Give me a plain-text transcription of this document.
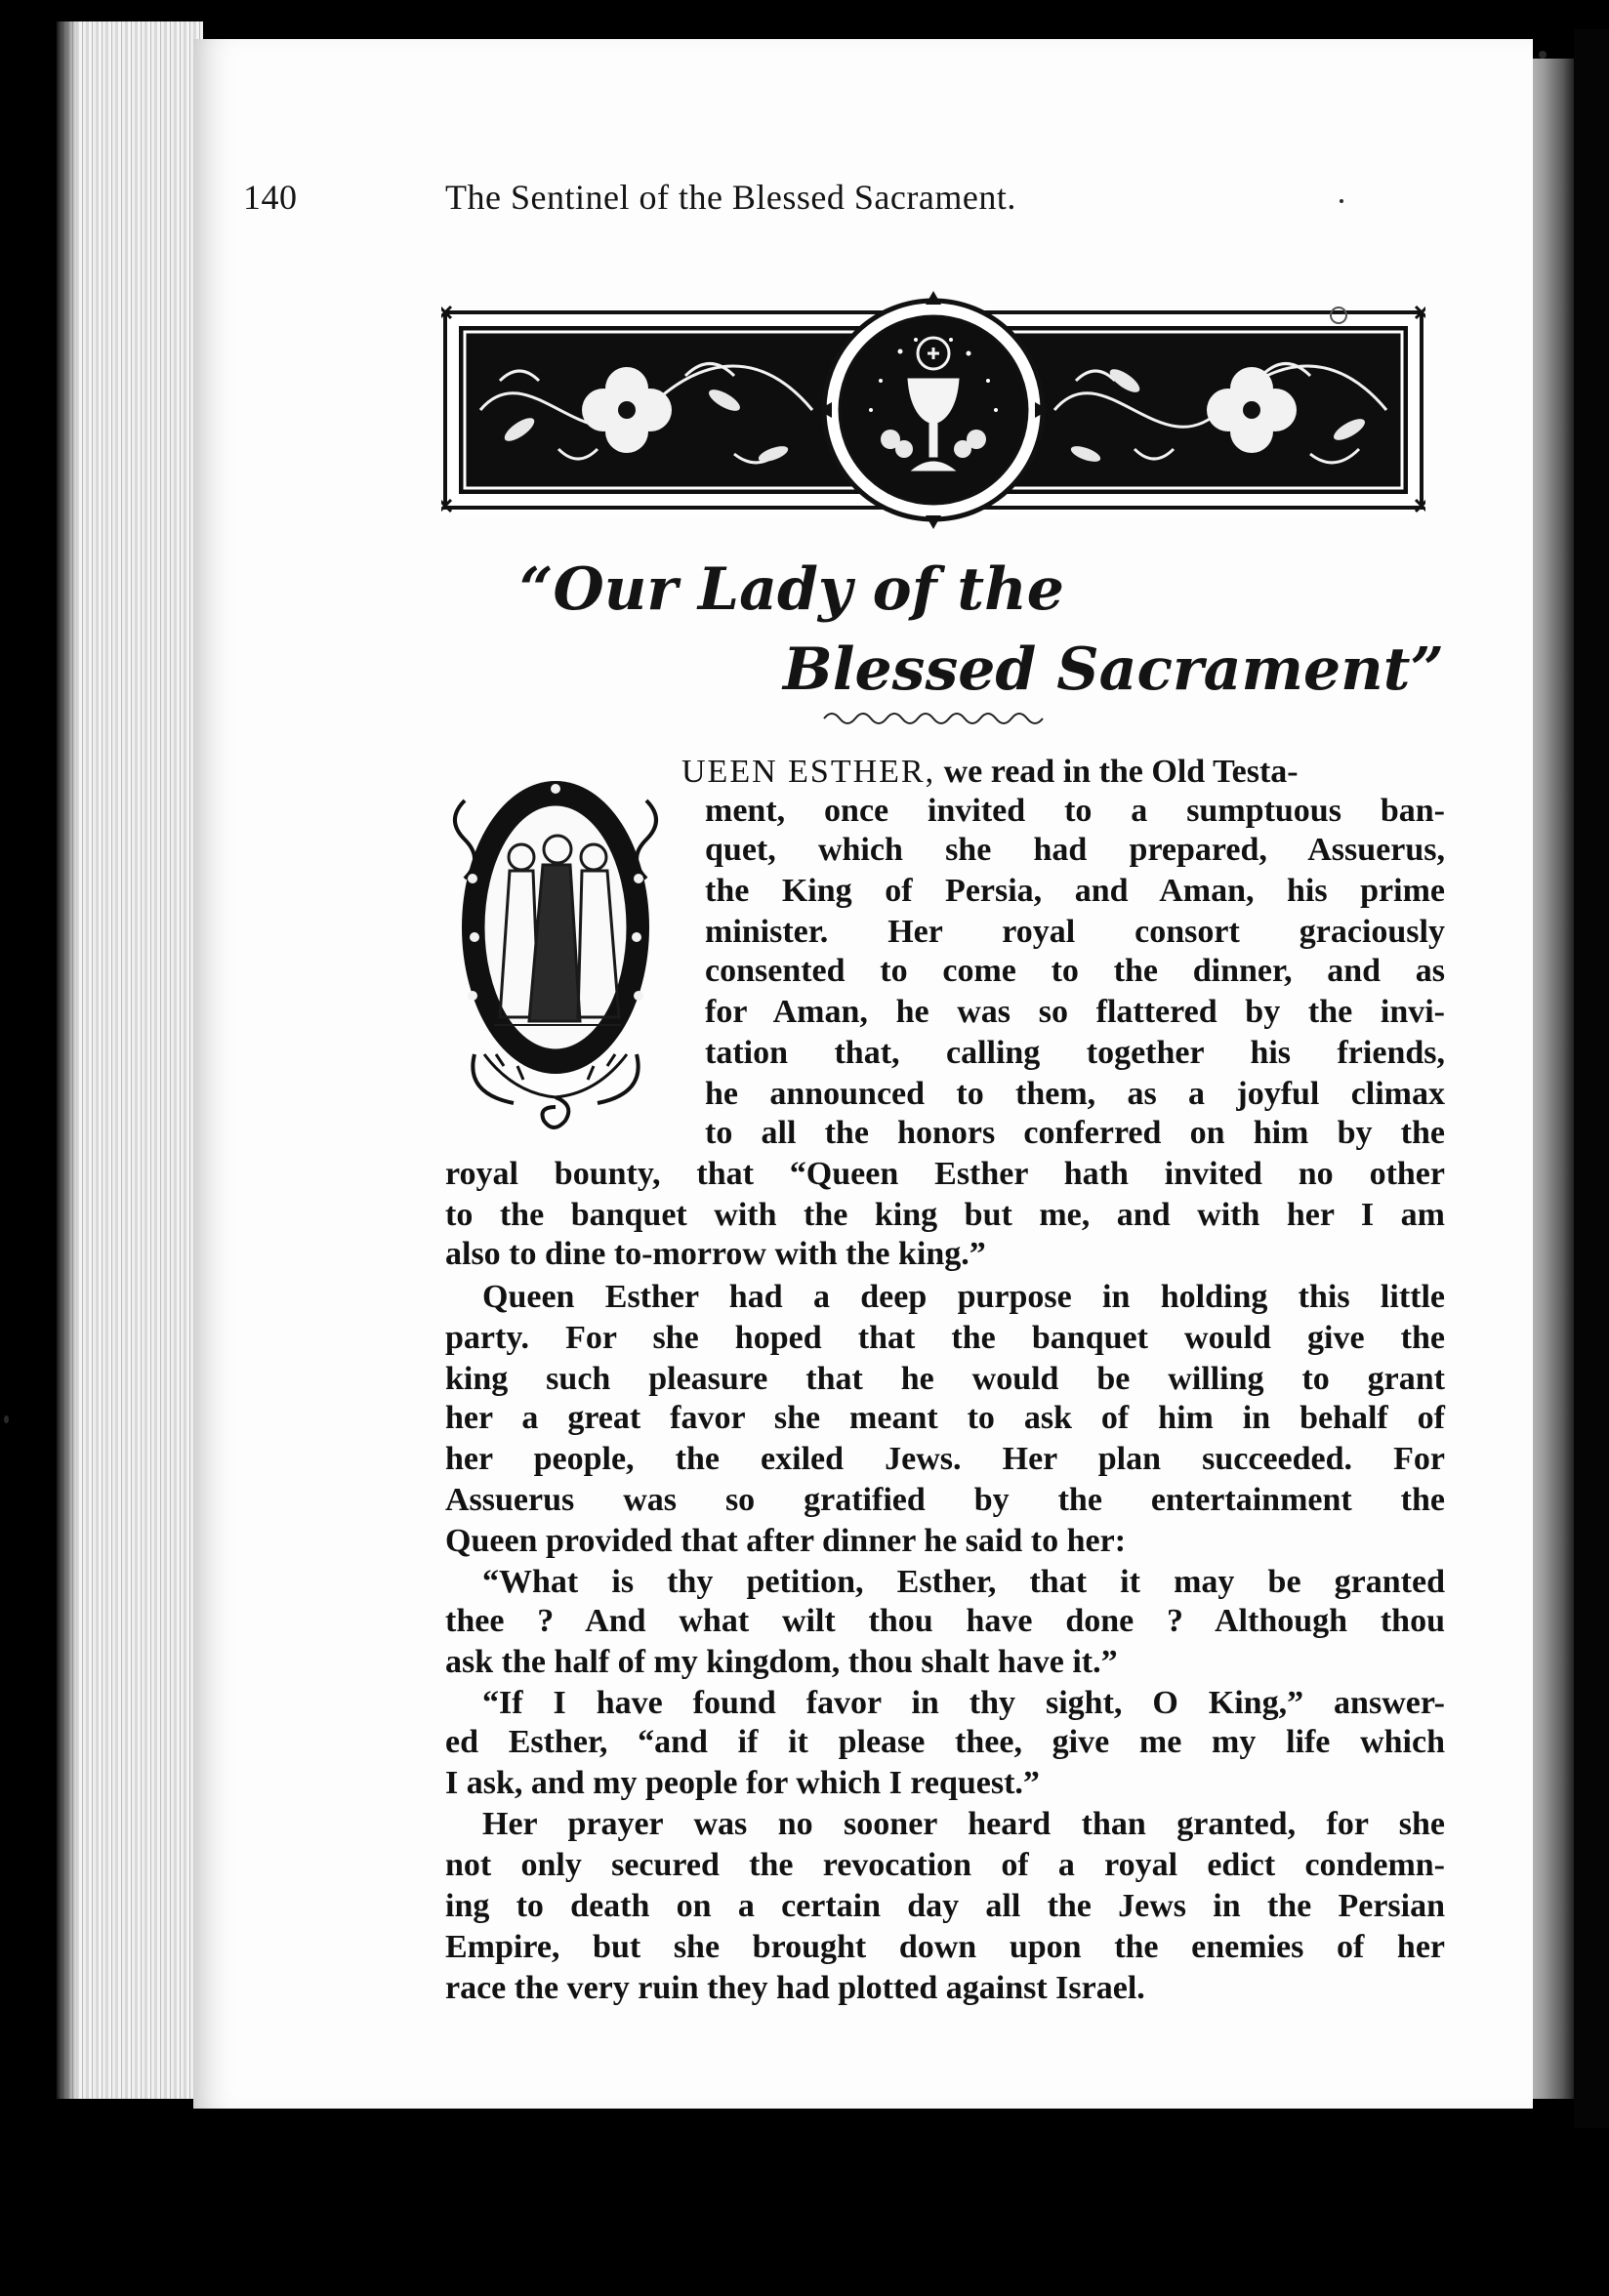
140	The Sentinel of the Blessed Sacrament.
“Our Lady of the
Blessed Sacrament”
UEEN ESTHER, we read in the Old Testa-
ment, once invited to a sumptuous ban-
quet, which she had prepared, Assuerus,
the King of Persia, and Aman, his prime
minister. Her royal consort graciously
consented to come to the dinner, and as
for Aman, he was so flattered by the invi-
tation that, calling together his friends,
he announced to them, as a joyful climax
to all the honors conferred on him by the
royal bounty, that “Queen Esther hath invited no other
to the banquet with the king but me, and with her I am
also to dine to-morrow with the king.”
Queen Esther had a deep purpose in holding this little
party. For she hoped that the banquet would give the
king such pleasure that he would be willing to grant
her a great favor she meant to ask of him in behalf of
her people, the exiled Jews. Her plan succeeded. For
Assuerus was so gratified by the entertainment the
Queen provided that after dinner he said to her:
“What is thy petition, Esther, that it may be granted
thee ? And what wilt thou have done ? Although thou
ask the half of my kingdom, thou shalt have it.”
“If I have found favor in thy sight, O King,” answer-
ed Esther, “and if it please thee, give me my life which
I ask, and my people for which I request.”
Her prayer was no sooner heard than granted, for she
not only secured the revocation of a royal edict condemn-
ing to death on a certain day all the Jews in the Persian
Empire, but she brought down upon the enemies of her
race the very ruin they had plotted against Israel.
